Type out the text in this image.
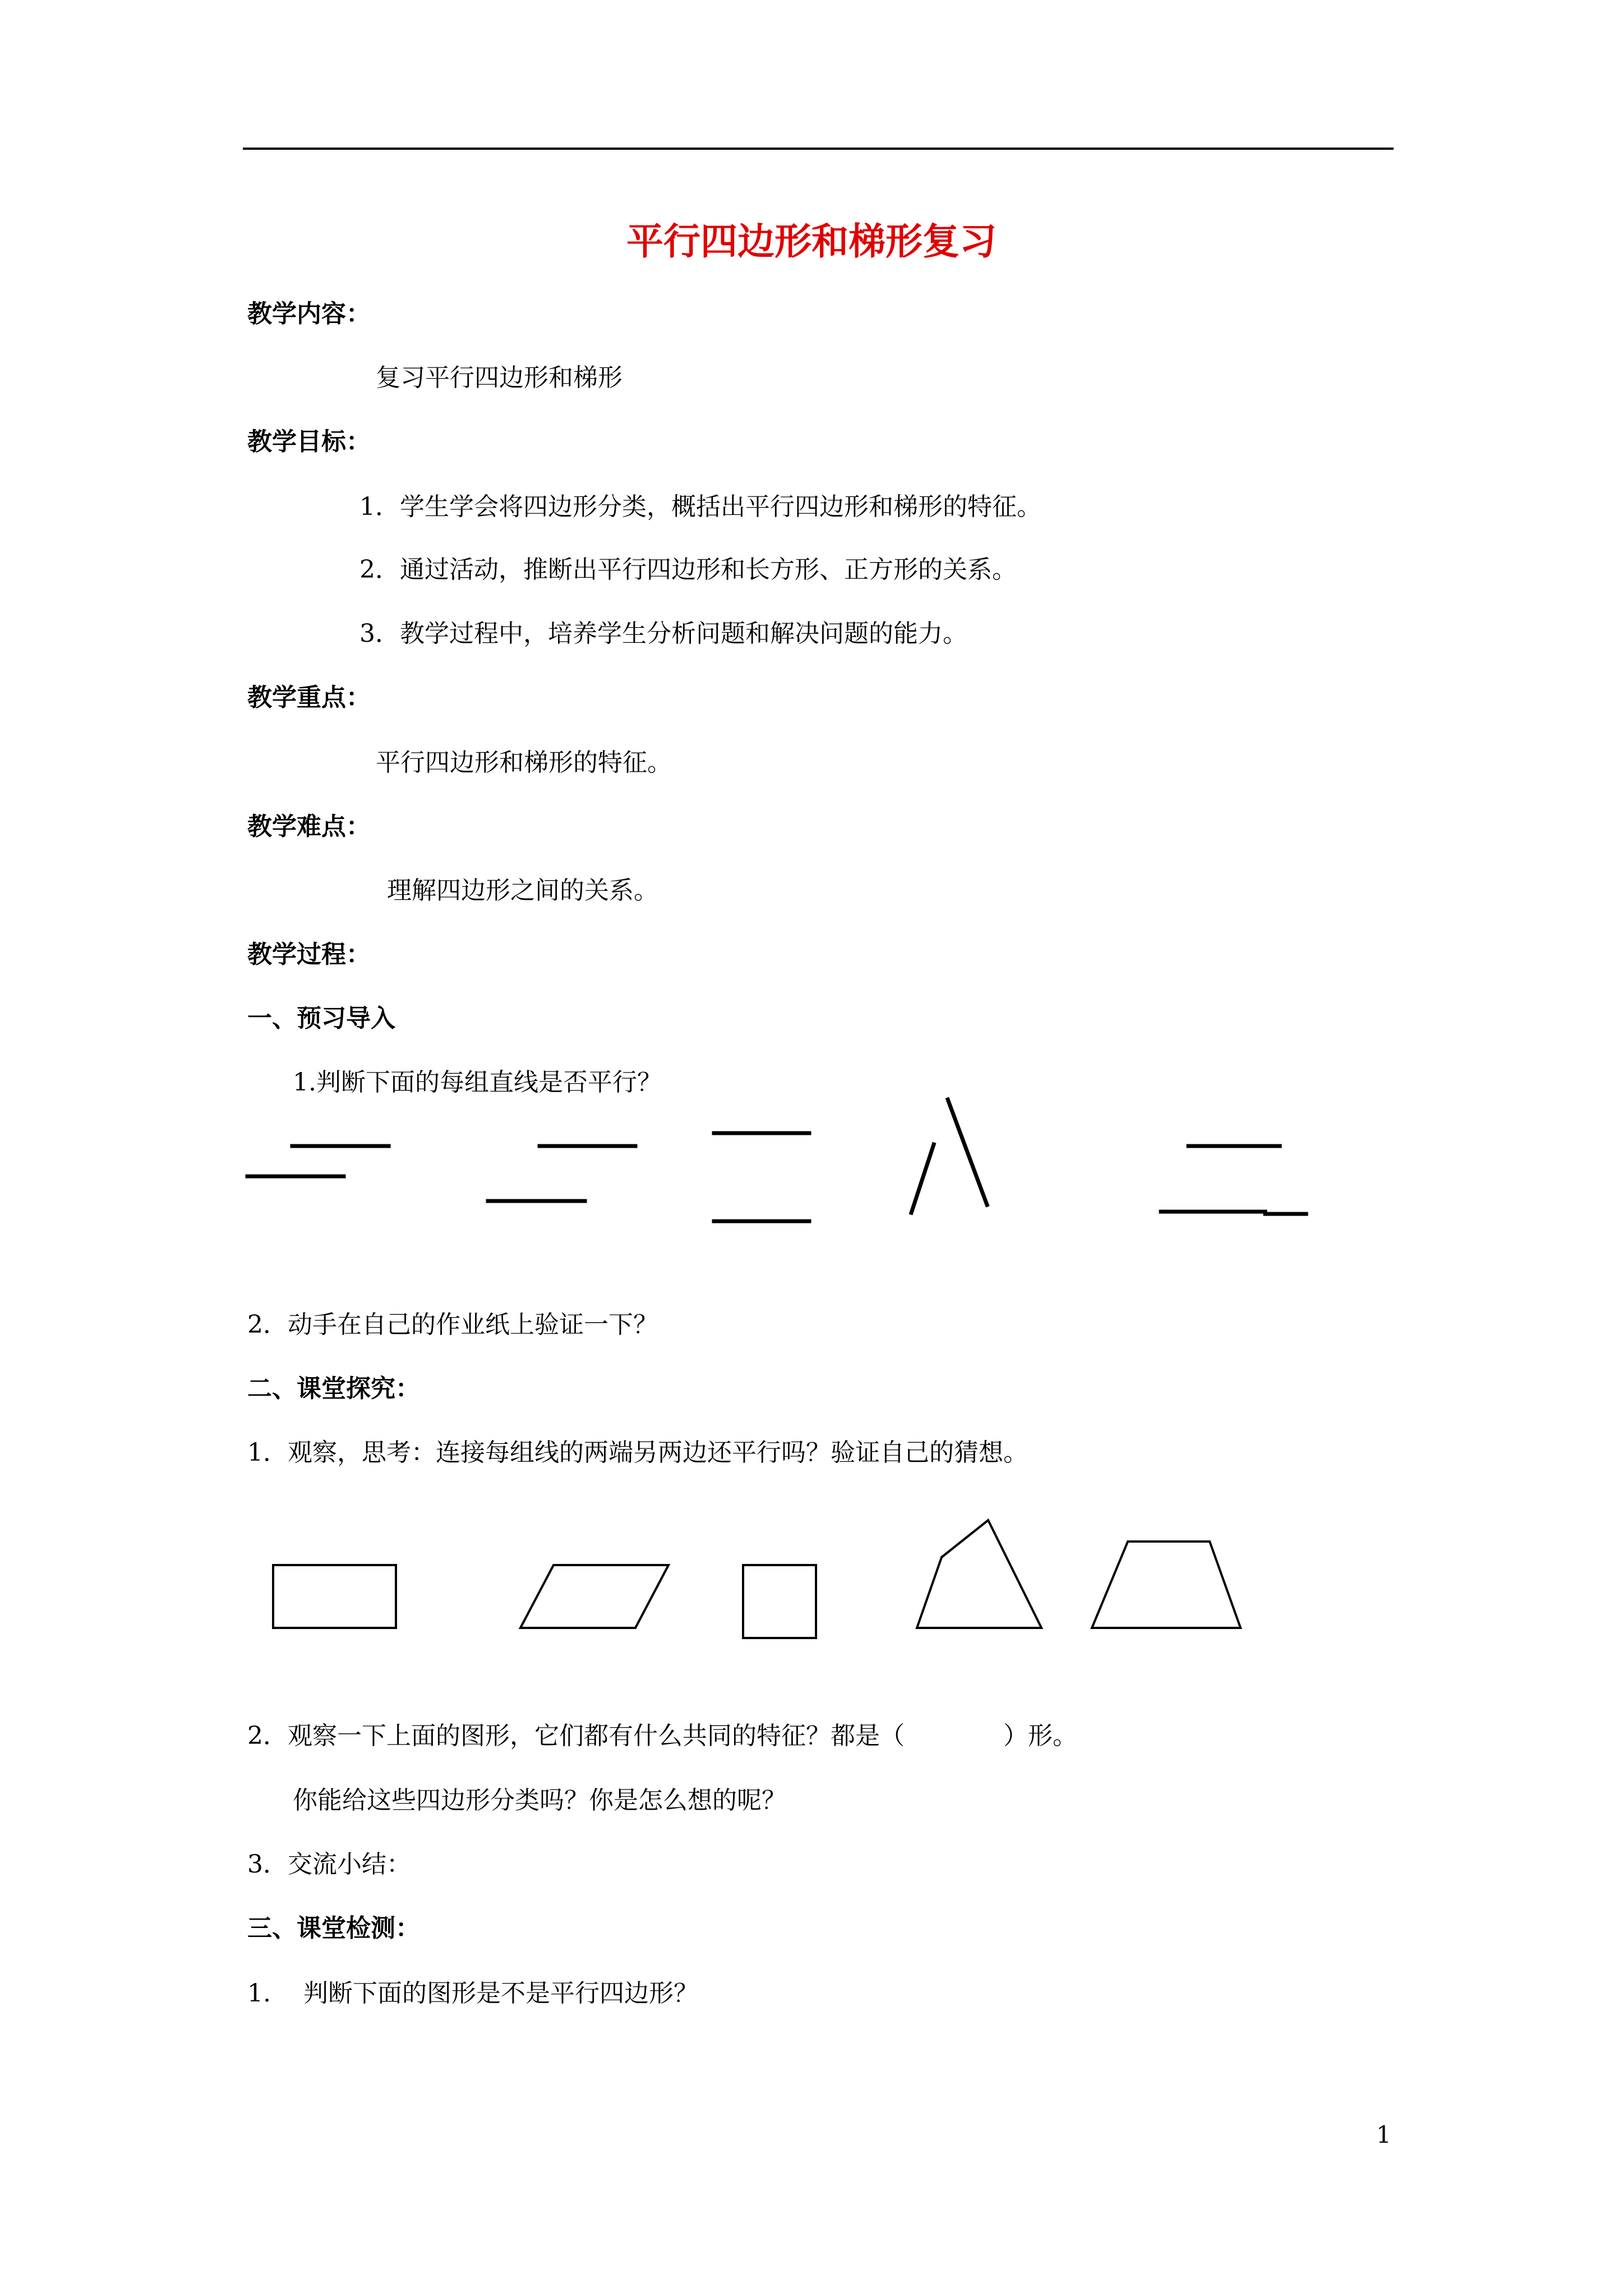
平行四边形和梯形复习
教学内容：
复习平行四边形和梯形
教学目标：
1．学生学会将四边形分类，概括出平行四边形和梯形的特征。
2．通过活动，推断出平行四边形和长方形、正方形的关系。
3．教学过程中，培养学生分析问题和解决问题的能力。
教学重点：
平行四边形和梯形的特征。
教学难点：
理解四边形之间的关系。
教学过程：
一、预习导入
1.判断下面的每组直线是否平行？
2．动手在自己的作业纸上验证一下？
二、课堂探究：
1．观察，思考：连接每组线的两端另两边还平行吗？验证自己的猜想。
2．观察一下上面的图形，它们都有什么共同的特征？都是（　　　　）形。
你能给这些四边形分类吗？你是怎么想的呢？
3．交流小结：
三、课堂检测：
1. 判断下面的图形是不是平行四边形？
1
